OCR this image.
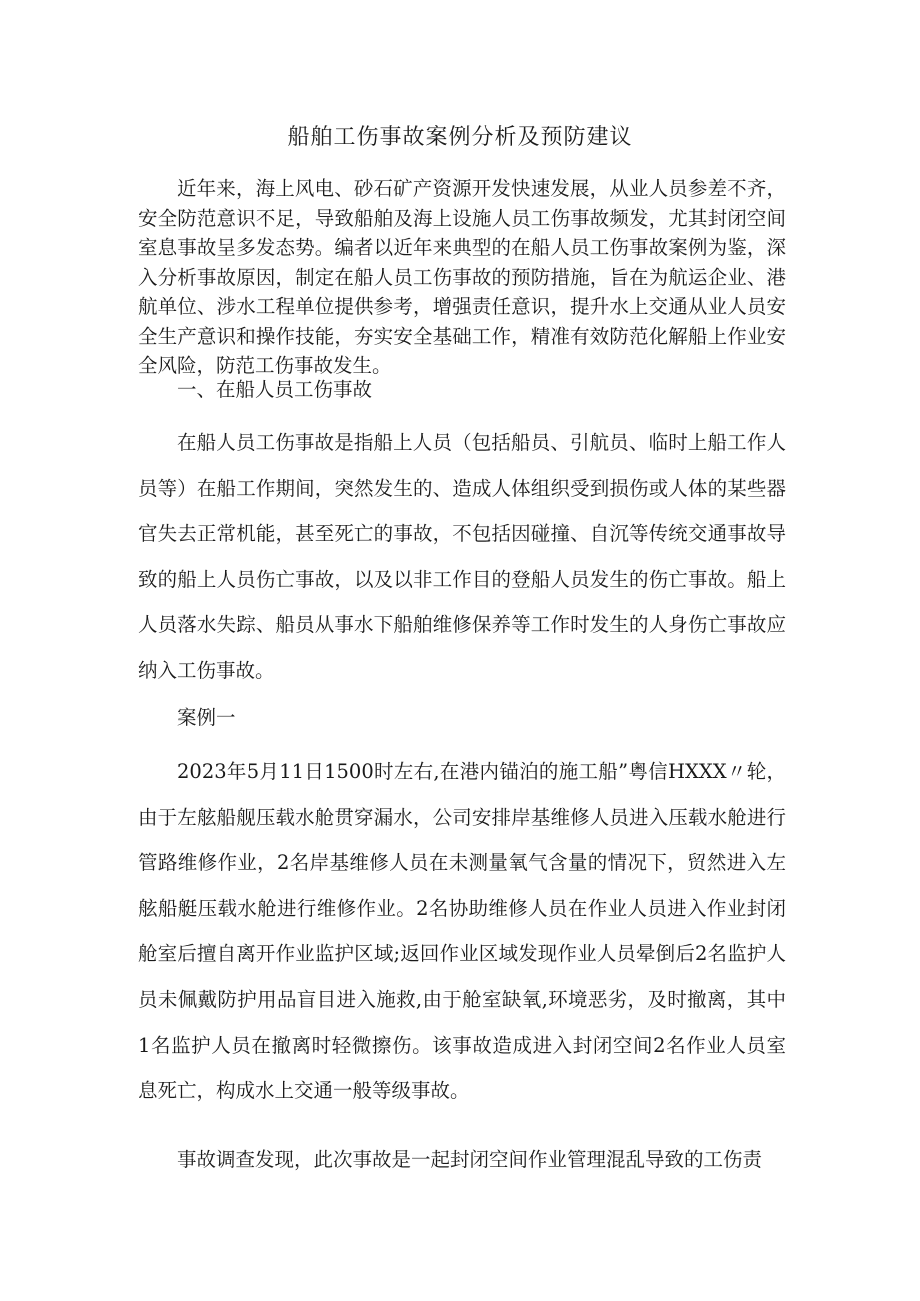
船舶工伤事故案例分析及预防建议

近年来，海上风电、砂石矿产资源开发快速发展，从业人员参差不齐，安全防范意识不足，导致船舶及海上设施人员工伤事故频发，尤其封闭空间室息事故呈多发态势。编者以近年来典型的在船人员工伤事故案例为鉴，深入分析事故原因，制定在船人员工伤事故的预防措施，旨在为航运企业、港航单位、涉水工程单位提供参考，增强责任意识，提升水上交通从业人员安全生产意识和操作技能，夯实安全基础工作，精准有效防范化解船上作业安全风险，防范工伤事故发生。

一、在船人员工伤事故

在船人员工伤事故是指船上人员（包括船员、引航员、临时上船工作人员等）在船工作期间，突然发生的、造成人体组织受到损伤或人体的某些器官失去正常机能，甚至死亡的事故，不包括因碰撞、自沉等传统交通事故导致的船上人员伤亡事故，以及以非工作目的登船人员发生的伤亡事故。船上人员落水失踪、船员从事水下船舶维修保养等工作时发生的人身伤亡事故应纳入工伤事故。

案例一

2023年5月11日1500时左右,在港内锚泊的施工船”粤信HXXX〃轮，由于左舷船舰压载水舱贯穿漏水，公司安排岸基维修人员进入压载水舱进行管路维修作业，2名岸基维修人员在未测量氧气含量的情况下，贸然进入左舷船艇压载水舱进行维修作业。2名协助维修人员在作业人员进入作业封闭舱室后擅自离开作业监护区域;返回作业区域发现作业人员晕倒后2名监护人员未佩戴防护用品盲目进入施救,由于舱室缺氧,环境恶劣，及时撤离，其中1名监护人员在撤离时轻微擦伤。该事故造成进入封闭空间2名作业人员室息死亡，构成水上交通一般等级事故。

事故调查发现，此次事故是一起封闭空间作业管理混乱导致的工伤责
